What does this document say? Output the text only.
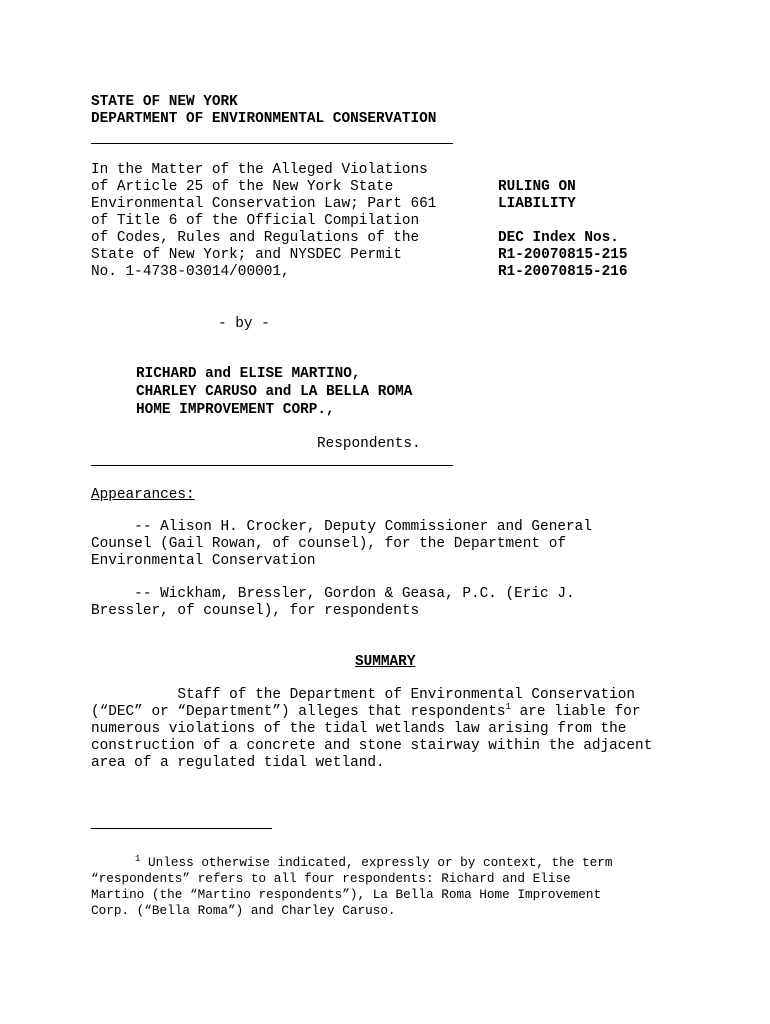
STATE OF NEW YORK
DEPARTMENT OF ENVIRONMENTAL CONSERVATION
In the Matter of the Alleged Violations
of Article 25 of the New York State
Environmental Conservation Law; Part 661
of Title 6 of the Official Compilation
of Codes, Rules and Regulations of the
State of New York; and NYSDEC Permit
No. 1-4738-03014/00001,
RULING ON
LIABILITY
DEC Index Nos.
R1-20070815-215
R1-20070815-216
- by -
RICHARD and ELISE MARTINO,
CHARLEY CARUSO and LA BELLA ROMA
HOME IMPROVEMENT CORP.,
Respondents.
Appearances:
-- Alison H. Crocker, Deputy Commissioner and General
Counsel (Gail Rowan, of counsel), for the Department of
Environmental Conservation
-- Wickham, Bressler, Gordon & Geasa, P.C. (Eric J.
Bressler, of counsel), for respondents
SUMMARY
Staff of the Department of Environmental Conservation
(“DEC” or “Department”) alleges that respondents$^1$ are liable for
numerous violations of the tidal wetlands law arising from the
construction of a concrete and stone stairway within the adjacent
area of a regulated tidal wetland.
$^1$ Unless otherwise indicated, expressly or by context, the term
“respondents” refers to all four respondents: Richard and Elise
Martino (the “Martino respondents”), La Bella Roma Home Improvement
Corp. (“Bella Roma”) and Charley Caruso.
